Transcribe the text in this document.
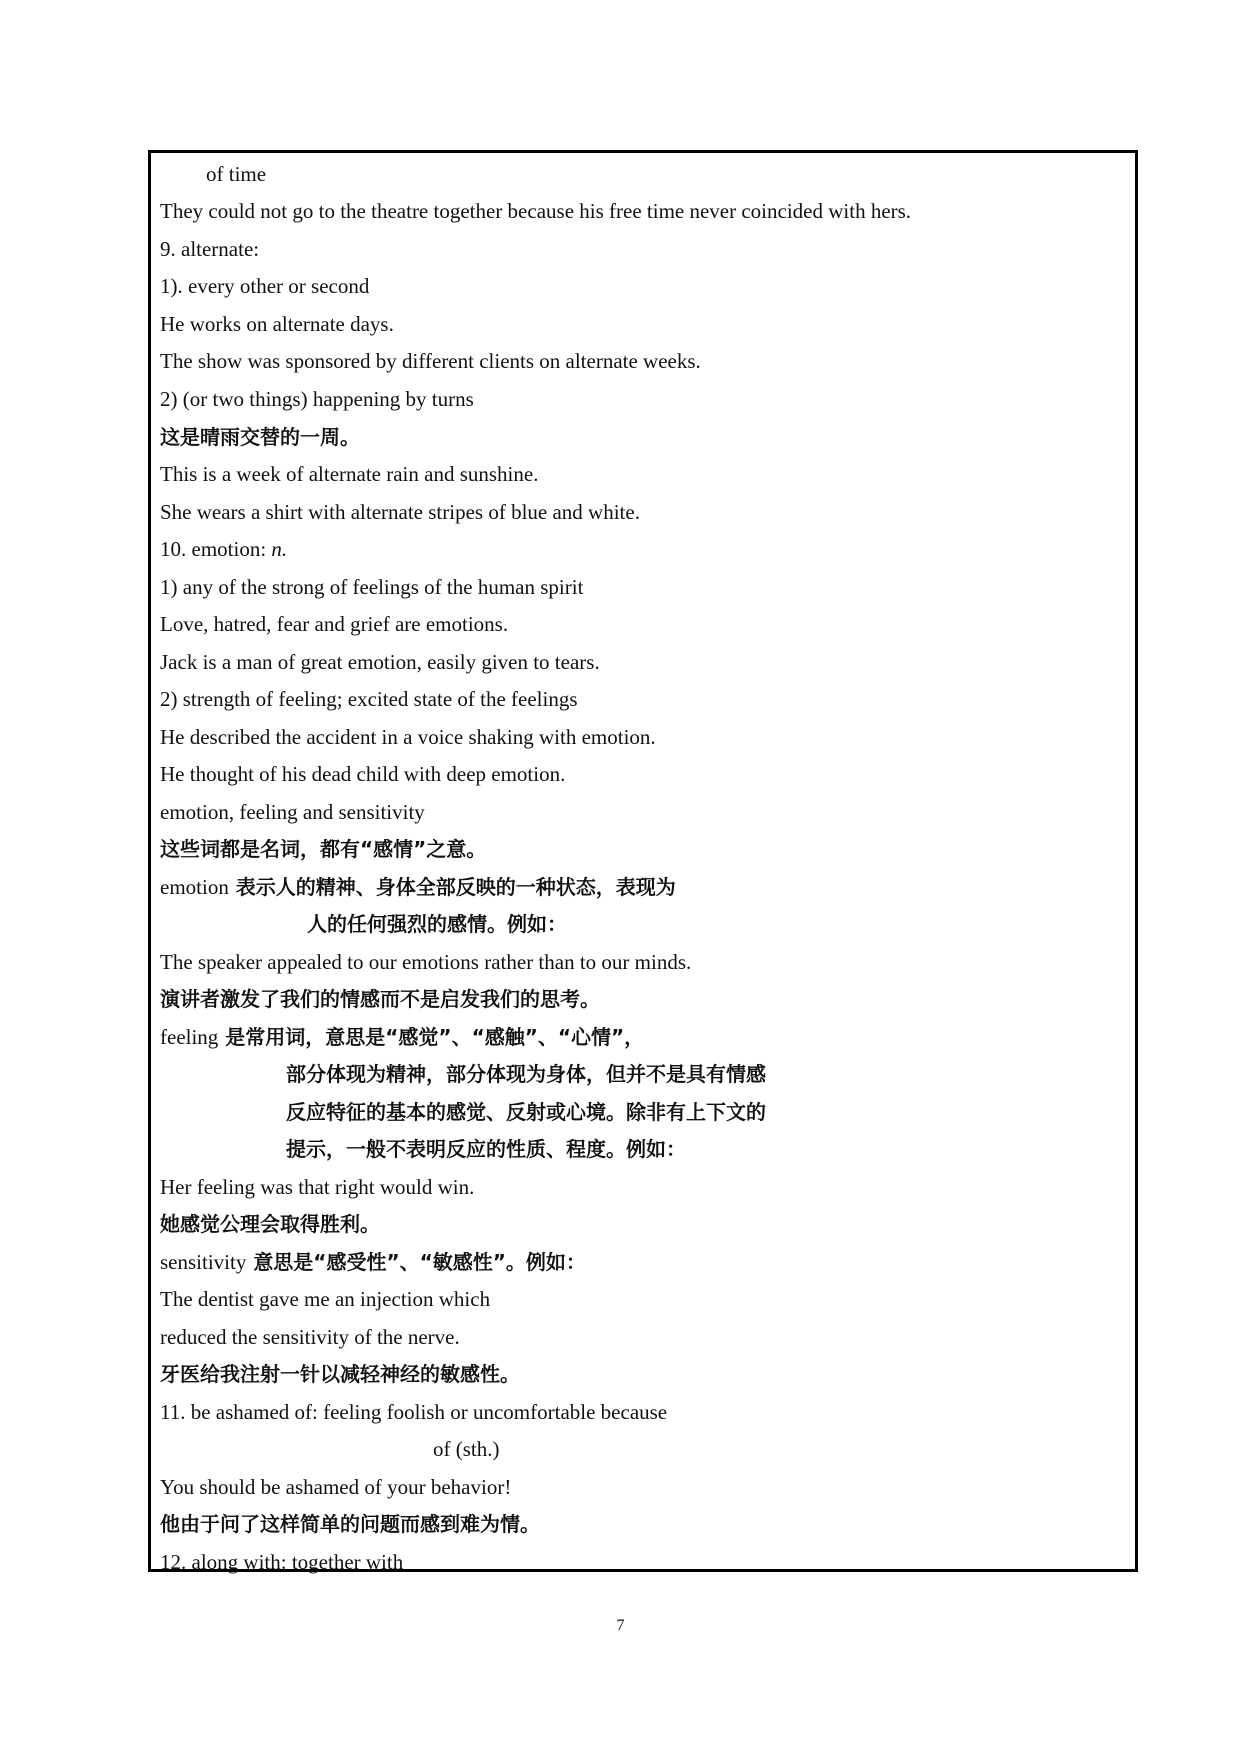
of time
They could not go to the theatre together because his free time never coincided with hers.
9. alternate:
1). every other or second
He works on alternate days.
The show was sponsored by different clients on alternate weeks.
2) (or two things) happening by turns
这是晴雨交替的一周。
This is a week of alternate rain and sunshine.
She wears a shirt with alternate stripes of blue and white.
10. emotion: n.
1) any of the strong of feelings of the human spirit
Love, hatred, fear and grief are emotions.
Jack is a man of great emotion, easily given to tears.
2) strength of feeling; excited state of the feelings
He described the accident in a voice shaking with emotion.
He thought of his dead child with deep emotion.
emotion, feeling and sensitivity
这些词都是名词，都有“感情”之意。
emotion 表示人的精神、身体全部反映的一种状态，表现为
人的任何强烈的感情。例如：
The speaker appealed to our emotions rather than to our minds.
演讲者激发了我们的情感而不是启发我们的思考。
feeling 是常用词，意思是“感觉”、“感触”、“心情”，
部分体现为精神，部分体现为身体，但并不是具有情感
反应特征的基本的感觉、反射或心境。除非有上下文的
提示，一般不表明反应的性质、程度。例如：
Her feeling was that right would win.
她感觉公理会取得胜利。
sensitivity 意思是“感受性”、“敏感性”。例如：
The dentist gave me an injection which
reduced the sensitivity of the nerve.
牙医给我注射一针以减轻神经的敏感性。
11. be ashamed of: feeling foolish or uncomfortable because
of (sth.)
You should be ashamed of your behavior!
他由于问了这样简单的问题而感到难为情。
12. along with: together with
7
